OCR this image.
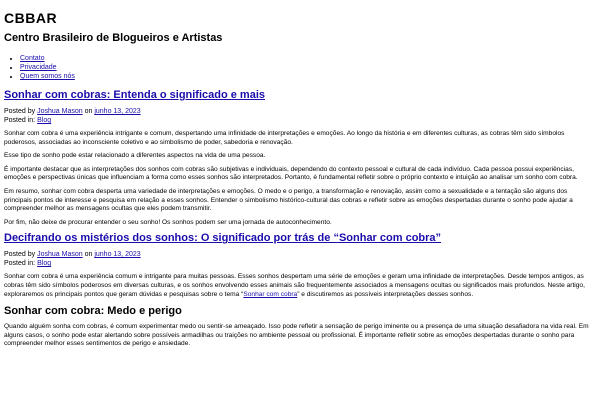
CBBAR
Centro Brasileiro de Blogueiros e Artistas
• Contato
• Privacidade
• Quem somos nós
Sonhar com cobras: Entenda o significado e mais
Posted by Joshua Mason on junho 13, 2023
Posted in: Blog

Sonhar com cobra é uma experiência intrigante e comum, despertando uma infinidade de interpretações e emoções. Ao longo da história e em diferentes culturas, as cobras têm sido símbolos poderosos, associadas ao inconsciente coletivo e ao simbolismo de poder, sabedoria e renovação.

Esse tipo de sonho pode estar relacionado a diferentes aspectos na vida de uma pessoa.

É importante destacar que as interpretações dos sonhos com cobras são subjetivas e individuais, dependendo do contexto pessoal e cultural de cada indivíduo. Cada pessoa possui experiências, emoções e perspectivas únicas que influenciam a forma como esses sonhos são interpretados. Portanto, é fundamental refletir sobre o próprio contexto e intuição ao analisar um sonho com cobra.

Em resumo, sonhar com cobra desperta uma variedade de interpretações e emoções. O medo e o perigo, a transformação e renovação, assim como a sexualidade e a tentação são alguns dos principais pontos de interesse e pesquisa em relação a esses sonhos. Entender o simbolismo histórico-cultural das cobras e refletir sobre as emoções despertadas durante o sonho pode ajudar a compreender melhor as mensagens ocultas que eles podem transmitir.

Por fim, não deixe de procurar entender o seu sonho! Os sonhos podem ser uma jornada de autoconhecimento.

Decifrando os mistérios dos sonhos: O significado por trás de “Sonhar com cobra”
Posted by Joshua Mason on junho 13, 2023
Posted in: Blog

Sonhar com cobra é uma experiência comum e intrigante para muitas pessoas. Esses sonhos despertam uma série de emoções e geram uma infinidade de interpretações. Desde tempos antigos, as cobras têm sido símbolos poderosos em diversas culturas, e os sonhos envolvendo esses animais são frequentemente associados a mensagens ocultas ou significados mais profundos. Neste artigo, exploraremos os principais pontos que geram dúvidas e pesquisas sobre o tema “Sonhar com cobra” e discutiremos as possíveis interpretações desses sonhos.

Sonhar com cobra: Medo e perigo

Quando alguém sonha com cobras, é comum experimentar medo ou sentir-se ameaçado. Isso pode refletir a sensação de perigo iminente ou a presença de uma situação desafiadora na vida real. Em alguns casos, o sonho pode estar alertando sobre possíveis armadilhas ou traições no ambiente pessoal ou profissional. É importante refletir sobre as emoções despertadas durante o sonho para compreender melhor esses sentimentos de perigo e ansiedade.
